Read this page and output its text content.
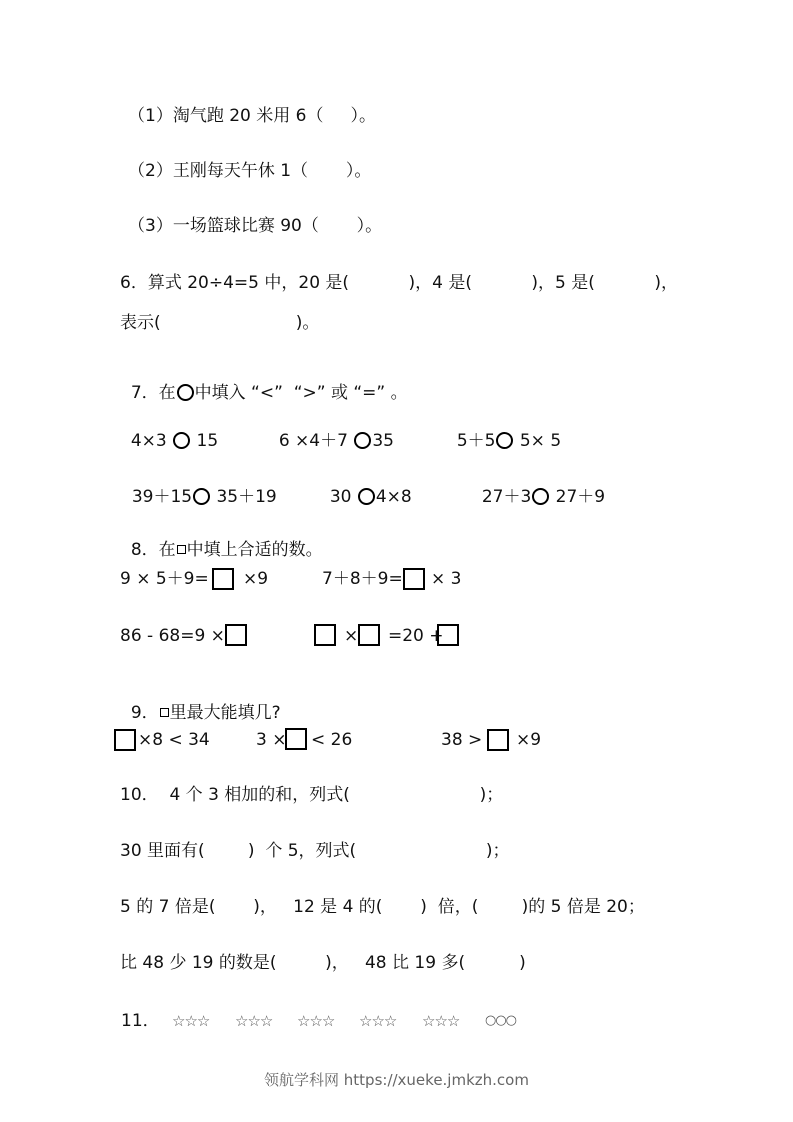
（1）淘气跑 20 米用 6（     ）。
（2）王刚每天午休 1（       ）。
（3）一场篮球比赛 90（       ）。
6．算式 20÷4=5 中，20 是(           )，4 是(           )，5 是(           )，
表示(                         )。

7．在 中填入 “<”  “>” 或 “=” 。

4×3 15	6 ×4＋7 35	5＋5 5× 5

39＋15 35＋19	30 4×8	27＋3 27＋9

8．在 中填上合适的数。

9 × 5＋9= ×9	7＋8＋9= × 3
86 - 68=9 ×	× =20 +

9． 里最大能填几?

×8 < 34	3 × < 26	38 > ×9
10．  4 个 3 相加的和，列式(                        )；
30 里面有(        )  个 5，列式(                        )；
5 的 7 倍是(       )，   12 是 4 的(       )  倍，(        )的 5 倍是 20；
比 48 少 19 的数是(         )，   48 比 19 多(          )
11． ☆☆☆ ☆☆☆ ☆☆☆ ☆☆☆ ☆☆☆ ○○○
领航学科网 https://xueke.jmkzh.com
